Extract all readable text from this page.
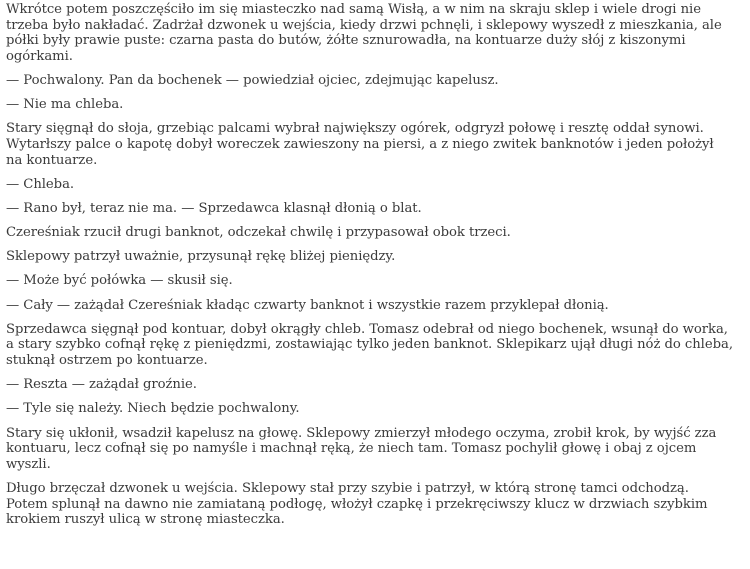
Wkrótce potem poszczęściło im się miasteczko nad samą Wisłą, a w nim na skraju sklep i wiele drogi nie trzeba było nakładać. Zadrżał dzwonek u wejścia, kiedy drzwi pchnęli, i sklepowy wyszedł z mieszkania, ale półki były prawie puste: czarna pasta do butów, żółte sznurowadła, na kontuarze duży słój z kiszonymi ogórkami.

— Pochwalony. Pan da bochenek — powiedział ojciec, zdejmując kapelusz.

— Nie ma chleba.

Stary sięgnął do słoja, grzebiąc palcami wybrał największy ogórek, odgryzł połowę i resztę oddał synowi. Wytarłszy palce o kapotę dobył woreczek zawieszony na piersi, a z niego zwitek banknotów i jeden położył na kontuarze.

— Chleba.

— Rano był, teraz nie ma. — Sprzedawca klasnął dłonią o blat.

Czereśniak rzucił drugi banknot, odczekał chwilę i przypasował obok trzeci.

Sklepowy patrzył uważnie, przysunął rękę bliżej pieniędzy.

— Może być połówka — skusił się.

— Cały — zażądał Czereśniak kładąc czwarty banknot i wszystkie razem przyklepał dłonią.

Sprzedawca sięgnął pod kontuar, dobył okrągły chleb. Tomasz odebrał od niego bochenek, wsunął do worka, a stary szybko cofnął rękę z pieniędzmi, zostawiając tylko jeden banknot. Sklepikarz ujął długi nóż do chleba, stuknął ostrzem po kontuarze.

— Reszta — zażądał groźnie.

— Tyle się należy. Niech będzie pochwalony.

Stary się ukłonił, wsadził kapelusz na głowę. Sklepowy zmierzył młodego oczyma, zrobił krok, by wyjść zza kontuaru, lecz cofnął się po namyśle i machnął ręką, że niech tam. Tomasz pochylił głowę i obaj z ojcem wyszli.

Długo brzęczał dzwonek u wejścia. Sklepowy stał przy szybie i patrzył, w którą stronę tamci odchodzą. Potem splunął na dawno nie zamiataną podłogę, włożył czapkę i przekręciwszy klucz w drzwiach szybkim krokiem ruszył ulicą w stronę miasteczka.
